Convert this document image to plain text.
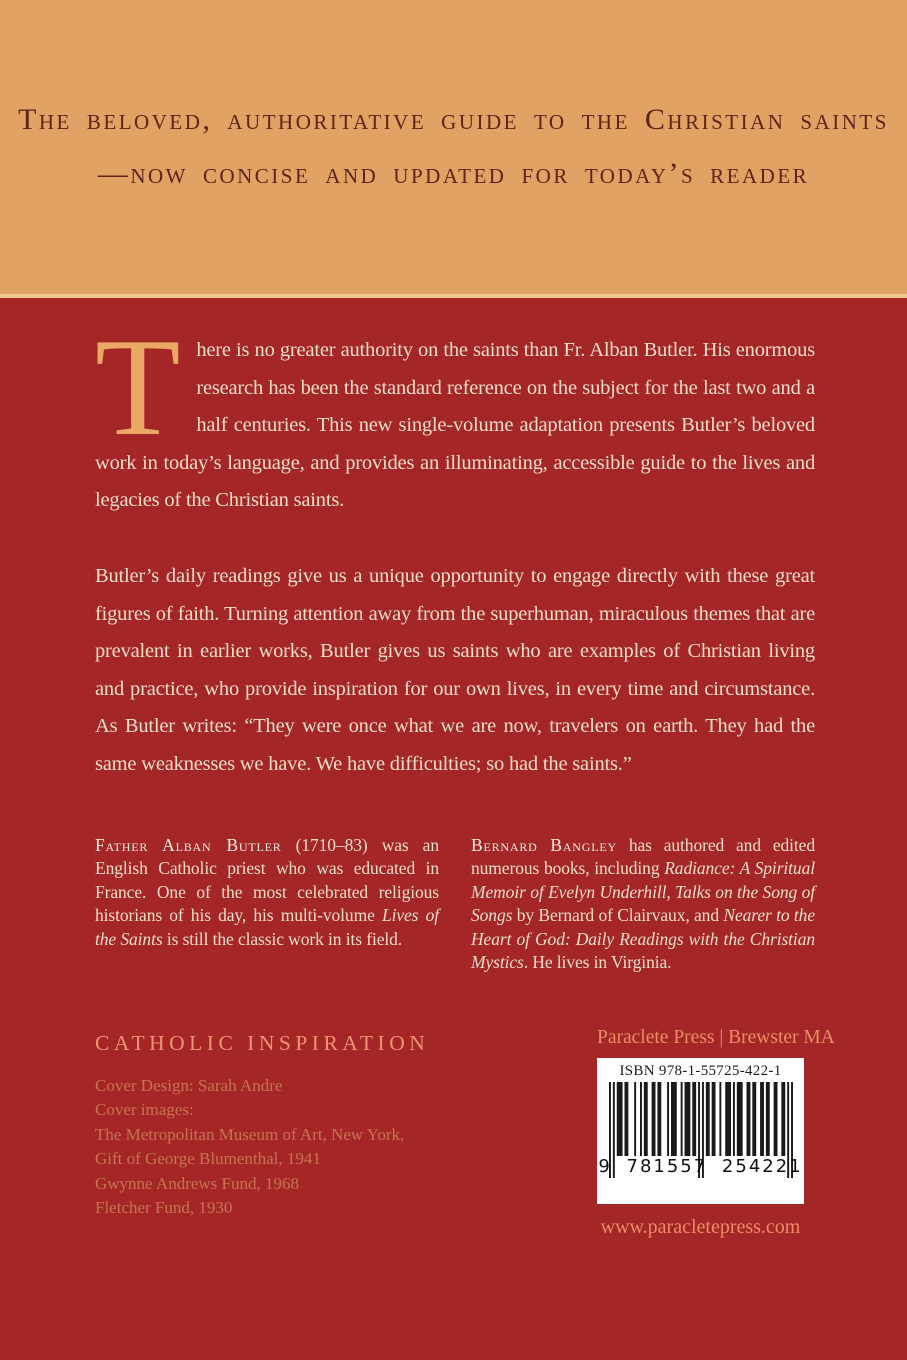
The beloved, authoritative guide to the Christian saints
—now concise and updated for today’s reader

There is no greater authority on the saints than Fr. Alban Butler. His enormous research has been the standard reference on the subject for the last two and a half centuries. This new single-volume adaptation presents Butler’s beloved work in today’s language, and provides an illuminating, accessible guide to the lives and legacies of the Christian saints.

Butler’s daily readings give us a unique opportunity to engage directly with these great figures of faith. Turning attention away from the superhuman, miraculous themes that are prevalent in earlier works, Butler gives us saints who are examples of Christian living and practice, who provide inspiration for our own lives, in every time and circumstance. As Butler writes: “They were once what we are now, travelers on earth. They had the same weaknesses we have. We have difficulties; so had the saints.”

Father Alban Butler (1710–83) was an English Catholic priest who was educated in France. One of the most celebrated religious historians of his day, his multi-volume Lives of the Saints is still the classic work in its field.
Bernard Bangley has authored and edited numerous books, including Radiance: A Spiritual Memoir of Evelyn Underhill, Talks on the Song of Songs by Bernard of Clairvaux, and Nearer to the Heart of God: Daily Readings with the Christian Mystics. He lives in Virginia.
CATHOLIC INSPIRATION
Cover Design: Sarah Andre
Cover images:
The Metropolitan Museum of Art, New York,
Gift of George Blumenthal, 1941
Gwynne Andrews Fund, 1968
Fletcher Fund, 1930
Paraclete Press | Brewster MA
ISBN 978-1-55725-422-1
9 781557 254221
www.paracletepress.com
